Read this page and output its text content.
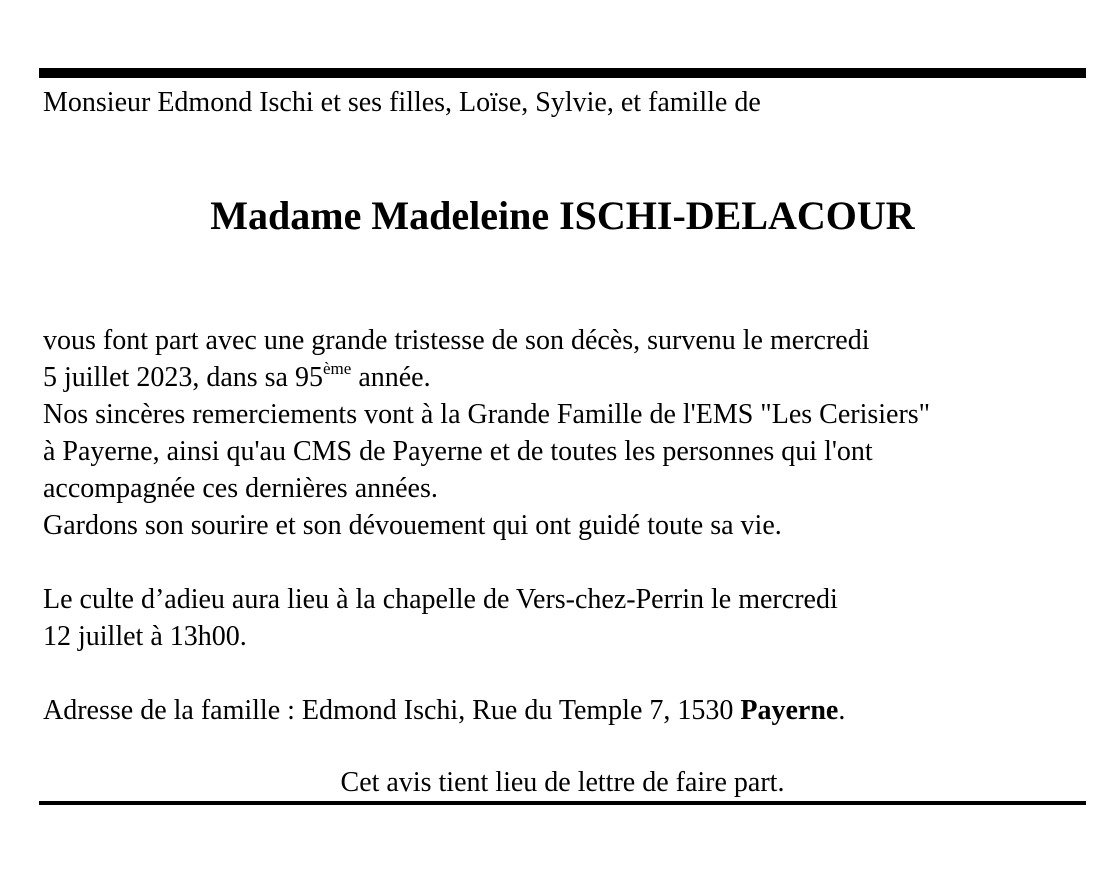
Monsieur Edmond Ischi et ses filles, Loïse, Sylvie, et famille de
Madame Madeleine ISCHI-DELACOUR
vous font part avec une grande tristesse de son décès, survenu le mercredi
5 juillet 2023, dans sa 95ème année.
Nos sincères remerciements vont à la Grande Famille de l'EMS "Les Cerisiers"
à Payerne, ainsi qu'au CMS de Payerne et de toutes les personnes qui l'ont
accompagnée ces dernières années.
Gardons son sourire et son dévouement qui ont guidé toute sa vie.
Le culte d’adieu aura lieu à la chapelle de Vers-chez-Perrin le mercredi
12 juillet à 13h00.
Adresse de la famille : Edmond Ischi, Rue du Temple 7, 1530 Payerne.
Cet avis tient lieu de lettre de faire part.
